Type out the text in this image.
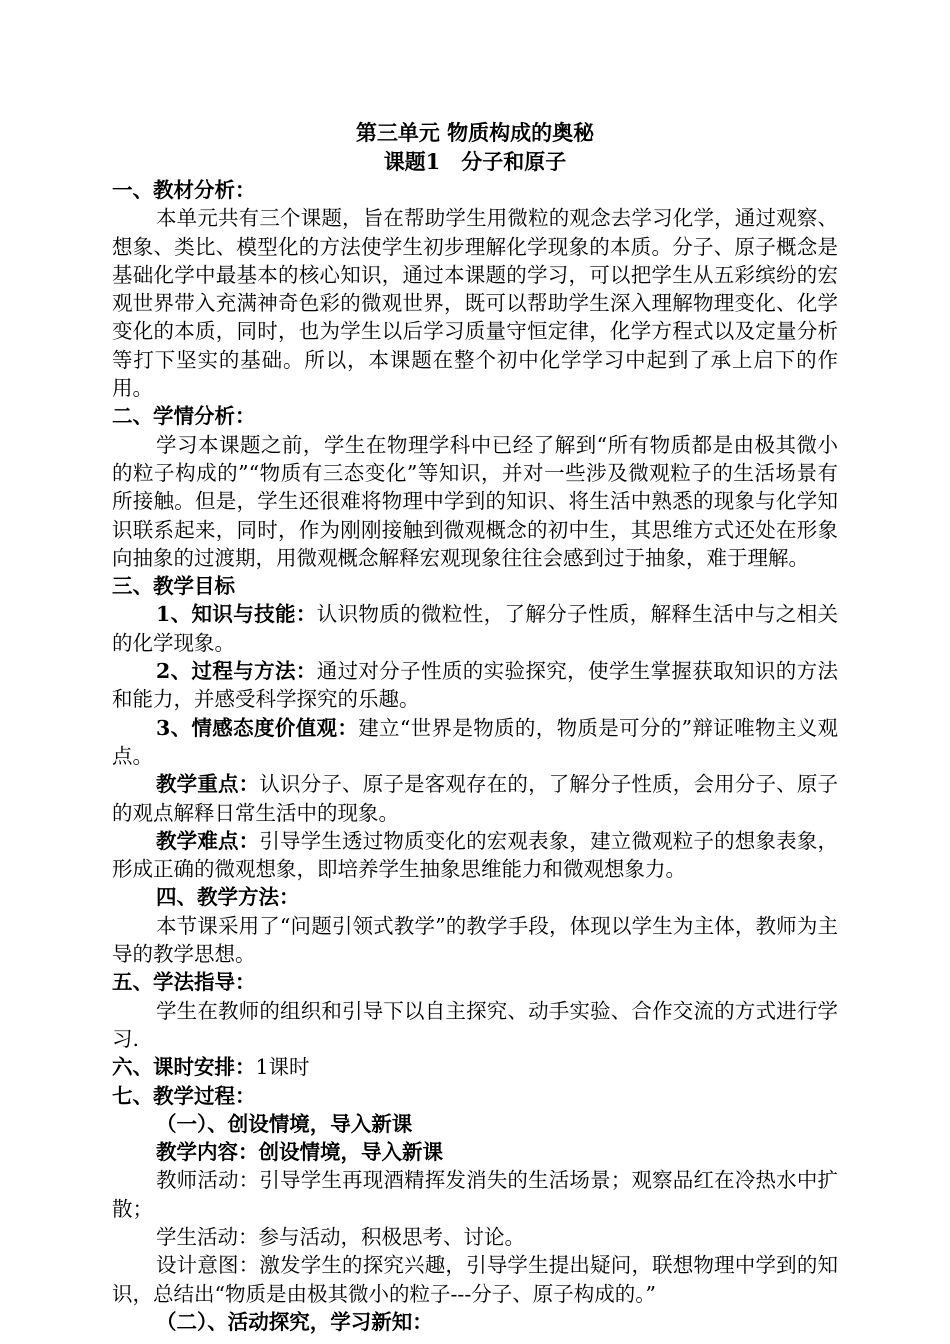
第三单元 物质构成的奥秘

课题1　分子和原子

一、教材分析：

本单元共有三个课题，旨在帮助学生用微粒的观念去学习化学，通过观察、想象、类比、模型化的方法使学生初步理解化学现象的本质。分子、原子概念是基础化学中最基本的核心知识，通过本课题的学习，可以把学生从五彩缤纷的宏观世界带入充满神奇色彩的微观世界，既可以帮助学生深入理解物理变化、化学变化的本质，同时，也为学生以后学习质量守恒定律，化学方程式以及定量分析等打下坚实的基础。所以，本课题在整个初中化学学习中起到了承上启下的作用。

二、学情分析：

学习本课题之前，学生在物理学科中已经了解到“所有物质都是由极其微小的粒子构成的”“物质有三态变化”等知识，并对一些涉及微观粒子的生活场景有所接触。但是，学生还很难将物理中学到的知识、将生活中熟悉的现象与化学知识联系起来，同时，作为刚刚接触到微观概念的初中生，其思维方式还处在形象向抽象的过渡期，用微观概念解释宏观现象往往会感到过于抽象，难于理解。

三、教学目标

1、知识与技能：认识物质的微粒性，了解分子性质，解释生活中与之相关的化学现象。

2、过程与方法：通过对分子性质的实验探究，使学生掌握获取知识的方法和能力，并感受科学探究的乐趣。

3、情感态度价值观：建立“世界是物质的，物质是可分的”辩证唯物主义观点。

教学重点：认识分子、原子是客观存在的，了解分子性质，会用分子、原子的观点解释日常生活中的现象。

教学难点：引导学生透过物质变化的宏观表象，建立微观粒子的想象表象，形成正确的微观想象，即培养学生抽象思维能力和微观想象力。

四、教学方法：

本节课采用了“问题引领式教学”的教学手段，体现以学生为主体，教师为主导的教学思想。

五、学法指导：

学生在教师的组织和引导下以自主探究、动手实验、合作交流的方式进行学习.

六、课时安排：1课时

七、教学过程：

（一）、创设情境，导入新课

教学内容：创设情境，导入新课

教师活动：引导学生再现酒精挥发消失的生活场景；观察品红在冷热水中扩散；

学生活动：参与活动，积极思考、讨论。

设计意图：激发学生的探究兴趣，引导学生提出疑问，联想物理中学到的知识，总结出“物质是由极其微小的粒子---分子、原子构成的。”

（二）、活动探究，学习新知：
